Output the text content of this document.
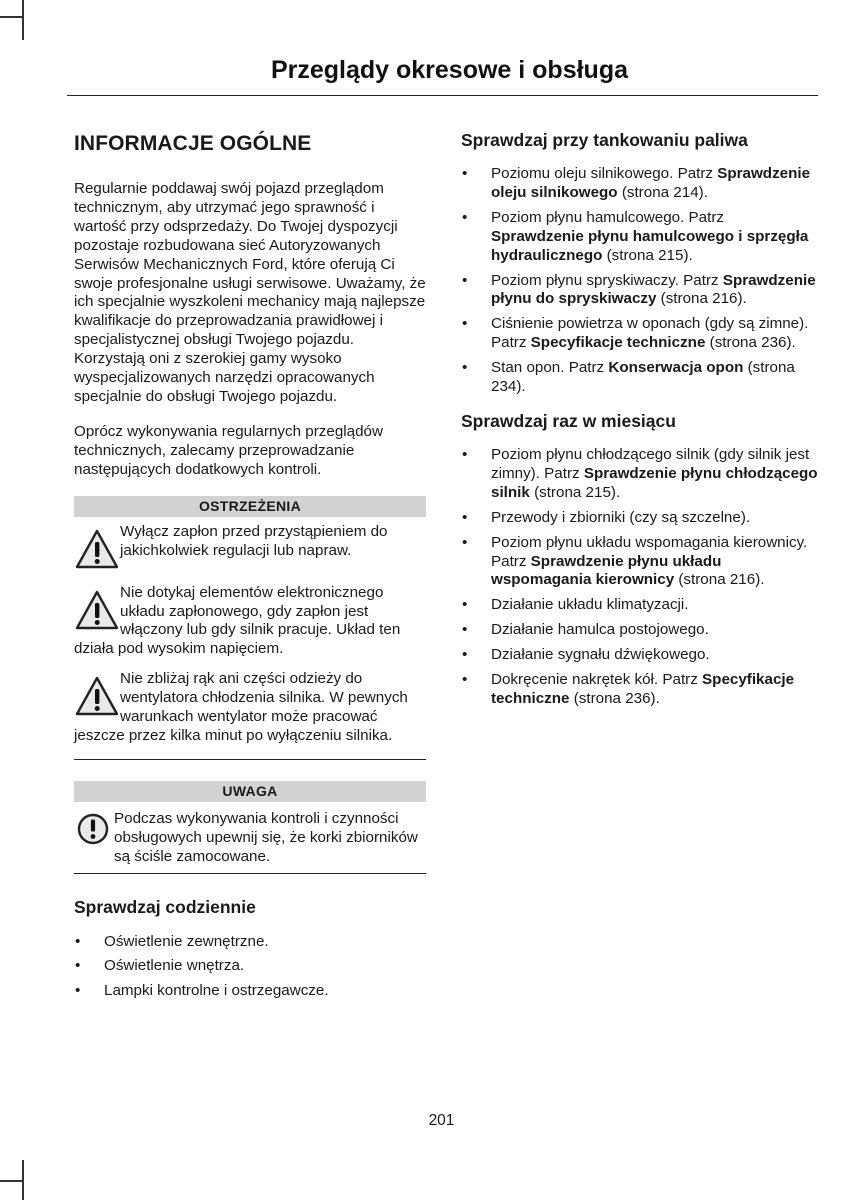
Przeglądy okresowe i obsługa
INFORMACJE OGÓLNE

Regularnie poddawaj swój pojazd przeglądom technicznym, aby utrzymać jego sprawność i wartość przy odsprzedaży. Do Twojej dyspozycji pozostaje rozbudowana sieć Autoryzowanych Serwisów Mechanicznych Ford, które oferują Ci swoje profesjonalne usługi serwisowe. Uważamy, że ich specjalnie wyszkoleni mechanicy mają najlepsze kwalifikacje do przeprowadzania prawidłowej i specjalistycznej obsługi Twojego pojazdu. Korzystają oni z szerokiej gamy wysoko wyspecjalizowanych narzędzi opracowanych specjalnie do obsługi Twojego pojazdu.

Oprócz wykonywania regularnych przeglądów technicznych, zalecamy przeprowadzanie następujących dodatkowych kontroli.

OSTRZEŻENIA
Wyłącz zapłon przed przystąpieniem do jakichkolwiek regulacji lub napraw.
Nie dotykaj elementów elektronicznego układu zapłonowego, gdy zapłon jest włączony lub gdy silnik pracuje. Układ ten działa pod wysokim napięciem.
Nie zbliżaj rąk ani części odzieży do wentylatora chłodzenia silnika. W pewnych warunkach wentylator może pracować jeszcze przez kilka minut po wyłączeniu silnika.
UWAGA
Podczas wykonywania kontroli i czynności obsługowych upewnij się, że korki zbiorników są ściśle zamocowane.
Sprawdzaj codziennie
• Oświetlenie zewnętrzne.
• Oświetlenie wnętrza.
• Lampki kontrolne i ostrzegawcze.
Sprawdzaj przy tankowaniu paliwa
• Poziomu oleju silnikowego. Patrz Sprawdzenie oleju silnikowego (strona 214).
• Poziom płynu hamulcowego. Patrz Sprawdzenie płynu hamulcowego i sprzęgła hydraulicznego (strona 215).
• Poziom płynu spryskiwaczy. Patrz Sprawdzenie płynu do spryskiwaczy (strona 216).
• Ciśnienie powietrza w oponach (gdy są zimne). Patrz Specyfikacje techniczne (strona 236).
• Stan opon. Patrz Konserwacja opon (strona 234).
Sprawdzaj raz w miesiącu
• Poziom płynu chłodzącego silnik (gdy silnik jest zimny). Patrz Sprawdzenie płynu chłodzącego silnik (strona 215).
• Przewody i zbiorniki (czy są szczelne).
• Poziom płynu układu wspomagania kierownicy. Patrz Sprawdzenie płynu układu wspomagania kierownicy (strona 216).
• Działanie układu klimatyzacji.
• Działanie hamulca postojowego.
• Działanie sygnału dźwiękowego.
• Dokręcenie nakrętek kół. Patrz Specyfikacje techniczne (strona 236).
201
